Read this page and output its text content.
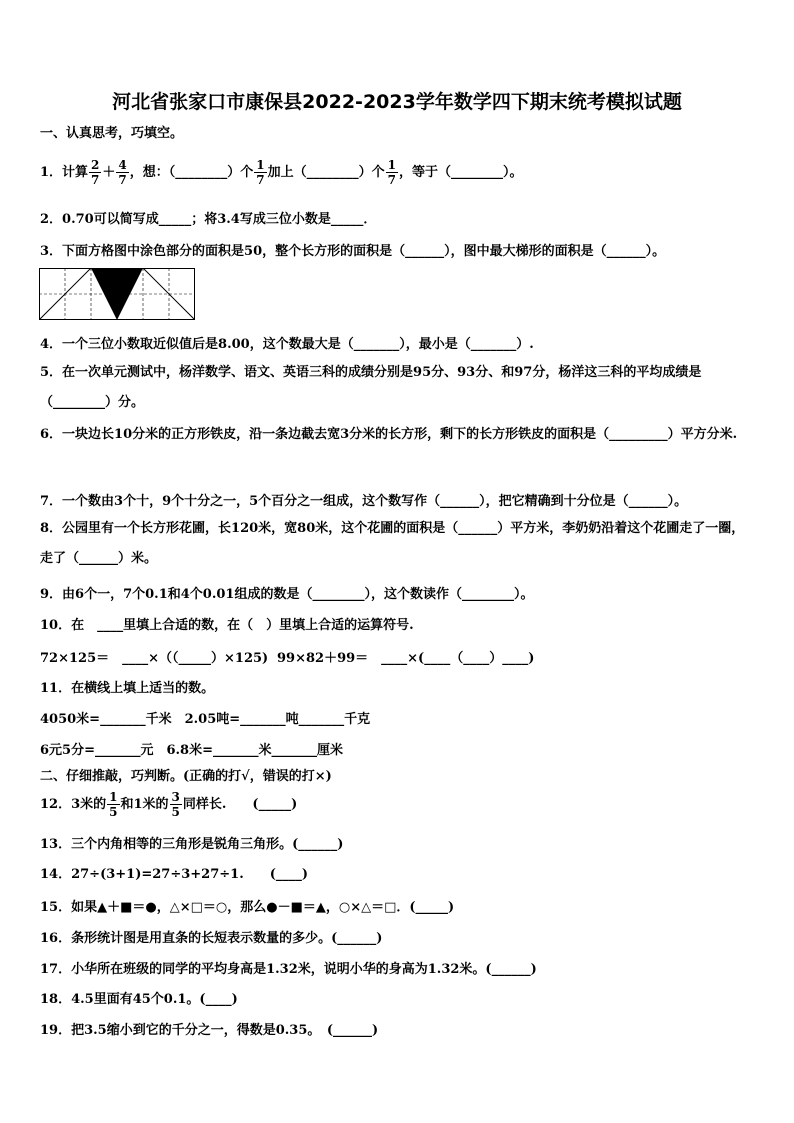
河北省张家口市康保县2022-2023学年数学四下期末统考模拟试题
一、认真思考，巧填空。
1．计算 $\frac{2}{7} + \frac{4}{7}$ ，想：（________）个 $\frac{1}{7}$ 加上（________）个 $\frac{1}{7}$ ，等于（________）。
2．0.70可以简写成_____；将3.4写成三位小数是_____．
3．下面方格图中涂色部分的面积是50，整个长方形的面积是（______），图中最大梯形的面积是（______）。
4．一个三位小数取近似值后是8.00，这个数最大是（_______），最小是（_______）.
5．在一次单元测试中，杨洋数学、语文、英语三科的成绩分别是95分、93分、和97分，杨洋这三科的平均成绩是（________）分。
6．一块边长10分米的正方形铁皮，沿一条边截去宽3分米的长方形，剩下的长方形铁皮的面积是（_________）平方分米.
7．一个数由3个十，9个十分之一，5个百分之一组成，这个数写作（______），把它精确到十分位是（______）。
8．公园里有一个长方形花圃，长120米，宽80米，这个花圃的面积是（______）平方米，李奶奶沿着这个花圃走了一圈，走了（______）米。
9．由6个一，7个0.1和4个0.01组成的数是（________），这个数读作（________）。
10．在　____里填上合适的数，在（　）里填上合适的运算符号.
72×125＝　____×（（_____）×125) 99×82＋99＝　____×(____（____）____)
11．在横线上填上适当的数。
4050米=_______千米　2.05吨=_______吨_______千克
6元5分=_______元　6.8米=_______米_______厘米
二、仔细推敲，巧判断。(正确的打√，错误的打×)
12．3米的 $\frac{1}{5}$ 和1米的 $\frac{3}{5}$ 同样长.　　(_____)
13．三个内角相等的三角形是锐角三角形。(______)
14．27÷(3+1)=27÷3+27÷1.　　(____)
15．如果▲＋■＝●，△×□＝○，那么●－■＝▲，○×△＝□．(_____)
16．条形统计图是用直条的长短表示数量的多少。(______)
17．小华所在班级的同学的平均身高是1.32米，说明小华的身高为1.32米。(______)
18．4.5里面有45个0.1。(____)
19．把3.5缩小到它的千分之一，得数是0.35。　(______)
